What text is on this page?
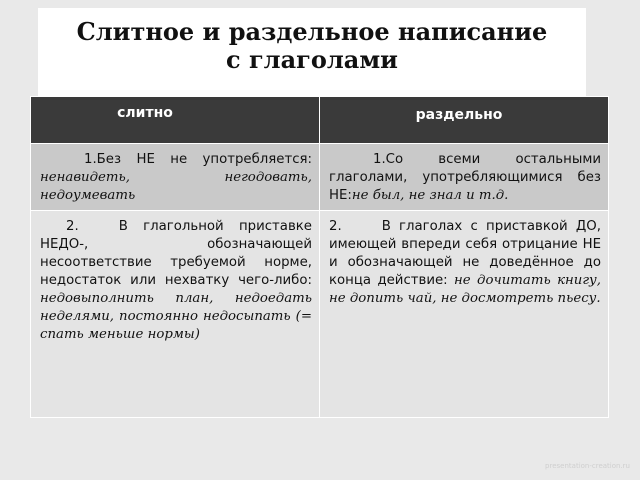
Слитное и раздельное написание
с глаголами
слитно	раздельно

1.Без НЕ не употребляется: ненавидеть, негодовать, недоумевать	1.Со всеми остальными глаголами, употребляющимися без НЕ:не был, не знал и т.д.

2. В глагольной приставке НЕДО-, обозначающей несоответствие требуемой норме, недостаток или нехватку чего-либо: недовыполнить план, недоедать неделями, постоянно недосыпать (= спать меньше нормы)	2. В глаголах с приставкой ДО, имеющей впереди себя отрицание НЕ и обозначающей не доведённое до конца действие: не дочитать книгу, не допить чай, не досмотреть пьесу.
presentation-creation.ru
